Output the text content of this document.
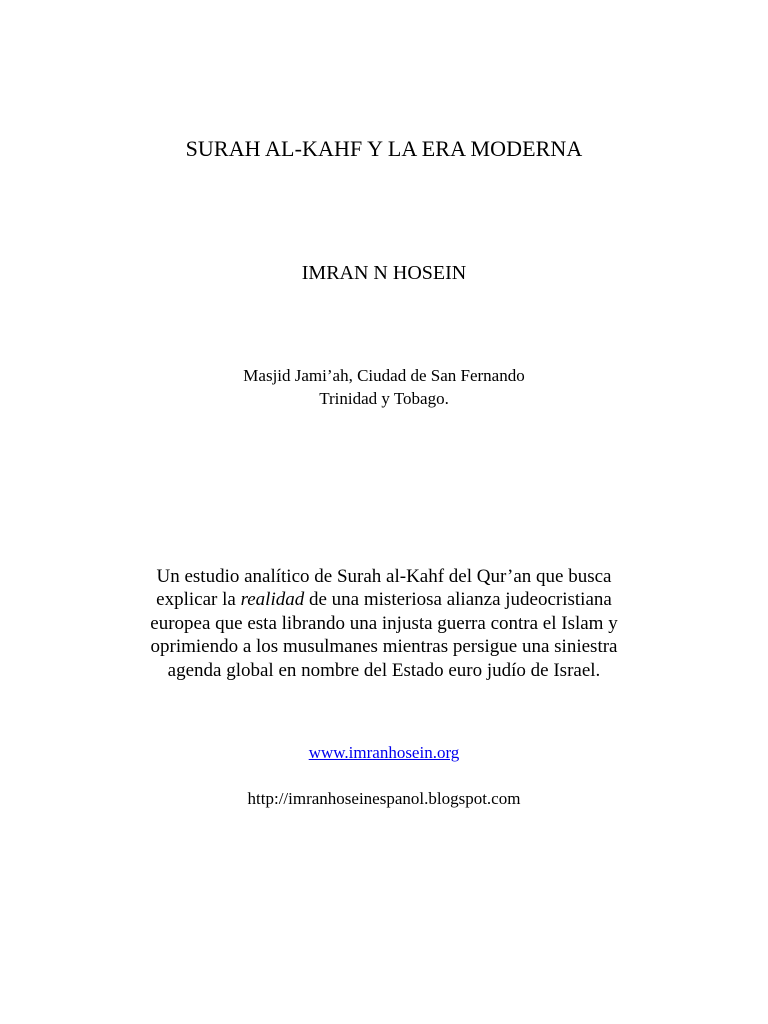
SURAH AL-KAHF Y LA ERA MODERNA
IMRAN N HOSEIN
Masjid Jami’ah, Ciudad de San Fernando
Trinidad y Tobago.
Un estudio analítico de Surah al-Kahf del Qur’an que busca
explicar la realidad de una misteriosa alianza judeocristiana
europea que esta librando una injusta guerra contra el Islam y
oprimiendo a los musulmanes mientras persigue una siniestra
agenda global en nombre del Estado euro judío de Israel.
www.imranhosein.org
http://imranhoseinespanol.blogspot.com
